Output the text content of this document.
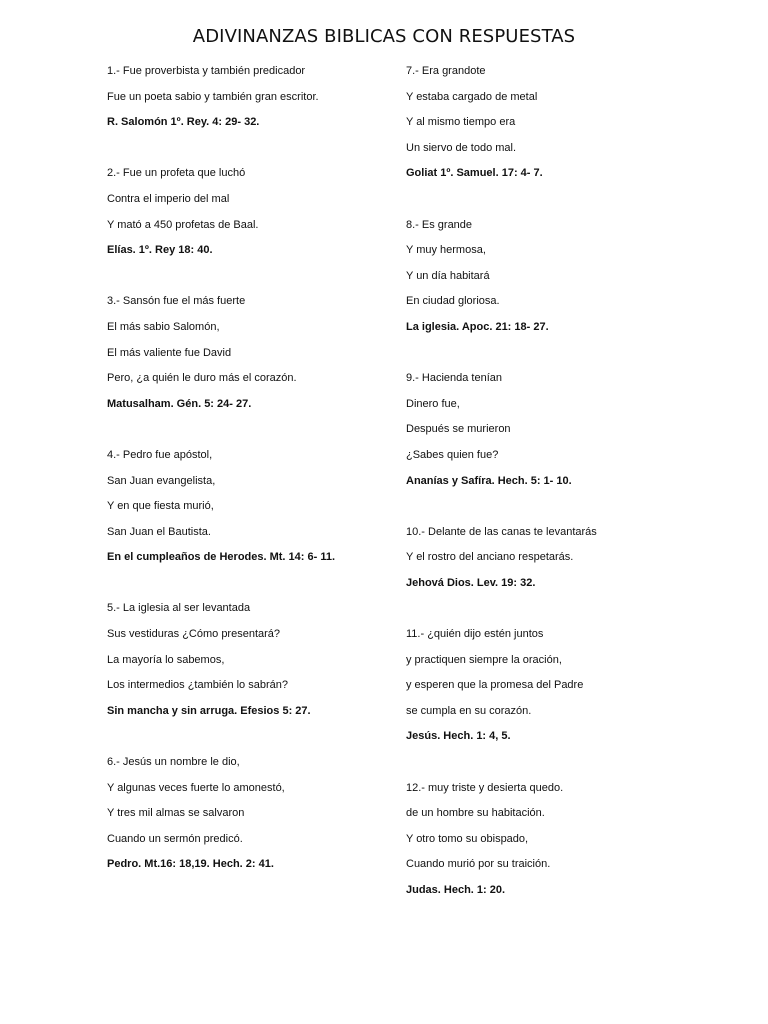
ADIVINANZAS BIBLICAS CON RESPUESTAS
1.- Fue proverbista y también predicador
Fue un poeta sabio y también gran escritor.
R. Salomón 1º. Rey. 4: 29- 32.
2.- Fue un profeta que luchó
Contra el imperio del mal
Y mató a 450 profetas de Baal.
Elías. 1º. Rey 18: 40.
3.- Sansón fue el más fuerte
El más sabio Salomón,
El más valiente fue David
Pero, ¿a quién le duro más el corazón.
Matusalham. Gén. 5: 24- 27.
4.- Pedro fue apóstol,
San Juan evangelista,
Y en que fiesta murió,
San Juan el Bautista.
En el cumpleaños de Herodes. Mt. 14: 6- 11.
5.- La iglesia al ser levantada
Sus vestiduras ¿Cómo presentará?
La mayoría lo sabemos,
Los intermedios ¿también lo sabrán?
Sin mancha y sin arruga. Efesios 5: 27.
6.- Jesús un nombre le dio,
Y algunas veces fuerte lo amonestó,
Y tres mil almas se salvaron
Cuando un sermón predicó.
Pedro. Mt.16: 18,19. Hech. 2: 41.
7.- Era grandote
Y estaba cargado de metal
Y al mismo tiempo era
Un siervo de todo mal.
Goliat 1º. Samuel. 17: 4- 7.
8.- Es grande
Y muy hermosa,
Y un día habitará
En ciudad gloriosa.
La iglesia. Apoc. 21: 18- 27.
9.- Hacienda tenían
Dinero fue,
Después se murieron
¿Sabes quien fue?
Ananías y Safíra. Hech. 5: 1- 10.
10.- Delante de las canas te levantarás
Y el rostro del anciano respetarás.
Jehová Dios. Lev. 19: 32.
11.- ¿quién dijo estén juntos
y practiquen siempre la oración,
y esperen que la promesa del Padre
se cumpla en su corazón.
Jesús. Hech. 1: 4, 5.
12.- muy triste y desierta quedo.
de un hombre su habitación.
Y otro tomo su obispado,
Cuando murió por su traición.
Judas. Hech. 1: 20.
